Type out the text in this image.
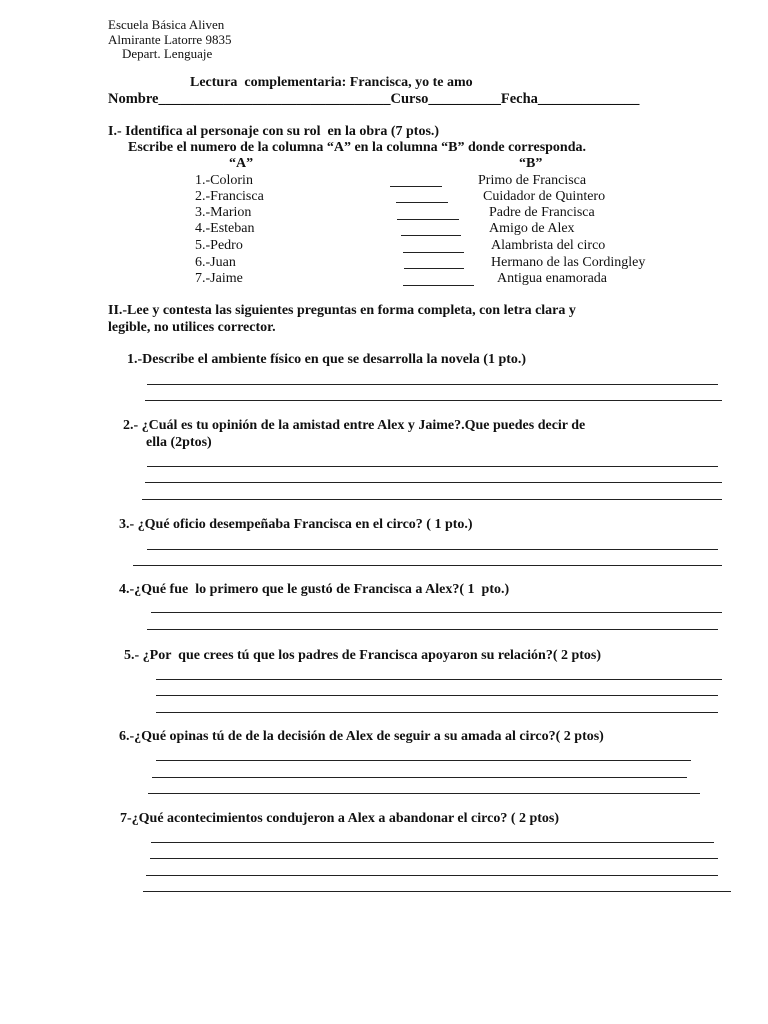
Escuela Básica Aliven
Almirante Latorre 9835
Depart. Lenguaje
Lectura  complementaria: Francisca, yo te amo
Nombre________________________________Curso__________Fecha______________
I.- Identifica al personaje con su rol  en la obra (7 ptos.)
Escribe el numero de la columna “A” en la columna “B” donde corresponda.
“A”	“B”
1.-Colorin	Primo de Francisca
2.-Francisca	Cuidador de Quintero
3.-Marion	Padre de Francisca
4.-Esteban	Amigo de Alex
5.-Pedro	Alambrista del circo
6.-Juan	Hermano de las Cordingley
7.-Jaime	Antigua enamorada
II.-Lee y contesta las siguientes preguntas en forma completa, con letra clara y
legible, no utilices corrector.
1.-Describe el ambiente físico en que se desarrolla la novela (1 pto.)
2.- ¿Cuál es tu opinión de la amistad entre Alex y Jaime?.Que puedes decir de
ella (2ptos)
3.- ¿Qué oficio desempeñaba Francisca en el circo? ( 1 pto.)
4.-¿Qué fue  lo primero que le gustó de Francisca a Alex?( 1  pto.)
5.- ¿Por  que crees tú que los padres de Francisca apoyaron su relación?( 2 ptos)
6.-¿Qué opinas tú de de la decisión de Alex de seguir a su amada al circo?( 2 ptos)
7-¿Qué acontecimientos condujeron a Alex a abandonar el circo? ( 2 ptos)
